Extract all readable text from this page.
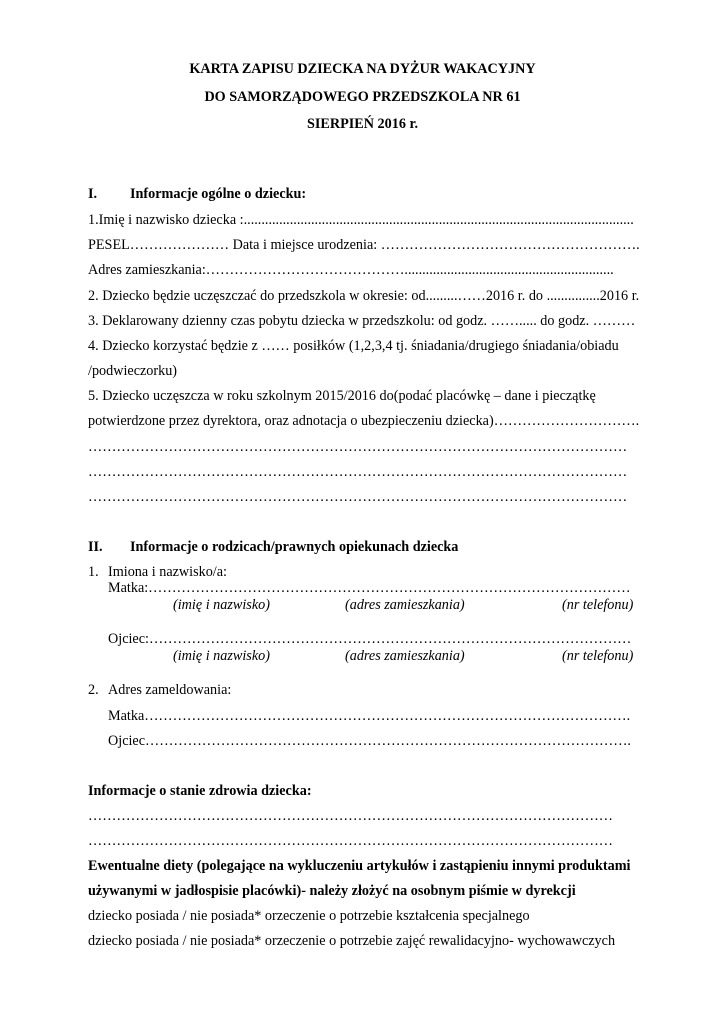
KARTA ZAPISU DZIECKA NA DYŻUR WAKACYJNY
DO SAMORZĄDOWEGO PRZEDSZKOLA NR 61
SIERPIEŃ 2016 r.
I. Informacje ogólne o dziecku:
1.Imię i nazwisko dziecka :..............................................................................................................
PESEL………………… Data i miejsce urodzenia: ……………………………………………….
Adres zamieszkania:……………………………………...........................................................
2. Dziecko będzie uczęszczać do przedszkola w okresie: od.........……2016 r. do ...............2016 r.
3. Deklarowany dzienny czas pobytu dziecka w przedszkolu: od godz. ……..... do godz. ………
4. Dziecko korzystać będzie z …… posiłków (1,2,3,4 tj. śniadania/drugiego śniadania/obiadu
/podwieczorku)
5. Dziecko uczęszcza w roku szkolnym 2015/2016 do(podać placówkę – dane i pieczątkę
potwierdzone przez dyrektora, oraz adnotacja o ubezpieczeniu dziecka)………………………….
……………………………………………………………………………………………………
……………………………………………………………………………………………………
……………………………………………………………………………………………………
II. Informacje o rodzicach/prawnych opiekunach dziecka
1. Imiona i nazwisko/a:
Matka:…………………………………………………………………………………………
(imię i nazwisko)	(adres zamieszkania)	(nr telefonu)
Ojciec:…………………………………………………………………………………………
(imię i nazwisko)	(adres zamieszkania)	(nr telefonu)
2. Adres zameldowania:
Matka………………………………………………………………………………………….
Ojciec………………………………………………………………………………………….
Informacje o stanie zdrowia dziecka:
…………………………………………………………………………………………………
…………………………………………………………………………………………………
Ewentualne diety (polegające na wykluczeniu artykułów i zastąpieniu innymi produktami
używanymi w jadłospisie placówki)- należy złożyć na osobnym piśmie w dyrekcji
dziecko posiada / nie posiada* orzeczenie o potrzebie kształcenia specjalnego
dziecko posiada / nie posiada* orzeczenie o potrzebie zajęć rewalidacyjno- wychowawczych
